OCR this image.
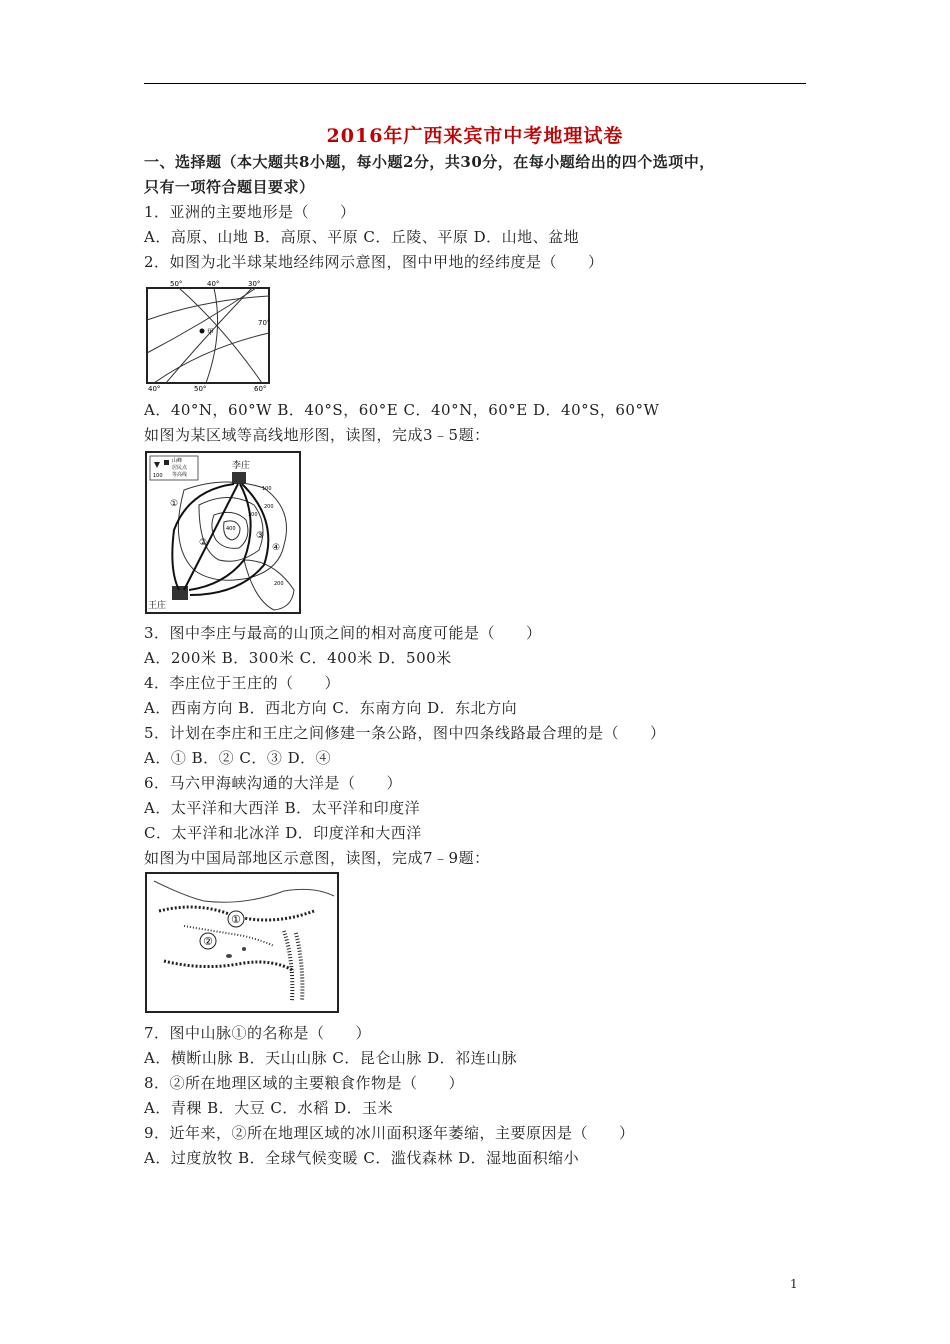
2016年广西来宾市中考地理试卷
一、选择题（本大题共8小题，每小题2分，共30分，在每小题给出的四个选项中，
只有一项符合题目要求）
1．亚洲的主要地形是（　　）
A．高原、山地 B．高原、平原 C．丘陵、平原 D．山地、盆地
2．如图为北半球某地经纬网示意图，图中甲地的经纬度是（　　）
甲
50°	40°	30°
70°
40°	50°	60°
A．40°N，60°W B．40°S，60°E C．40°N，60°E D．40°S，60°W
如图为某区域等高线地形图，读图，完成3﹣5题：
山峰
居民点
等高线
100
李庄
王庄
①
②
③
④
100
200
300
400
200
3．图中李庄与最高的山顶之间的相对高度可能是（　　）
A．200米 B．300米 C．400米 D．500米
4．李庄位于王庄的（　　）
A．西南方向 B．西北方向 C．东南方向 D．东北方向
5．计划在李庄和王庄之间修建一条公路，图中四条线路最合理的是（　　）
A．① B．② C．③ D．④
6．马六甲海峡沟通的大洋是（　　）
A．太平洋和大西洋 B．太平洋和印度洋
C．太平洋和北冰洋 D．印度洋和大西洋
如图为中国局部地区示意图，读图，完成7﹣9题：
①
②
7．图中山脉①的名称是（　　）
A．横断山脉 B．天山山脉 C．昆仑山脉 D．祁连山脉
8．②所在地理区域的主要粮食作物是（　　）
A．青稞 B．大豆 C．水稻 D．玉米
9．近年来，②所在地理区域的冰川面积逐年萎缩，主要原因是（　　）
A．过度放牧 B．全球气候变暖 C．滥伐森林 D．湿地面积缩小
1
